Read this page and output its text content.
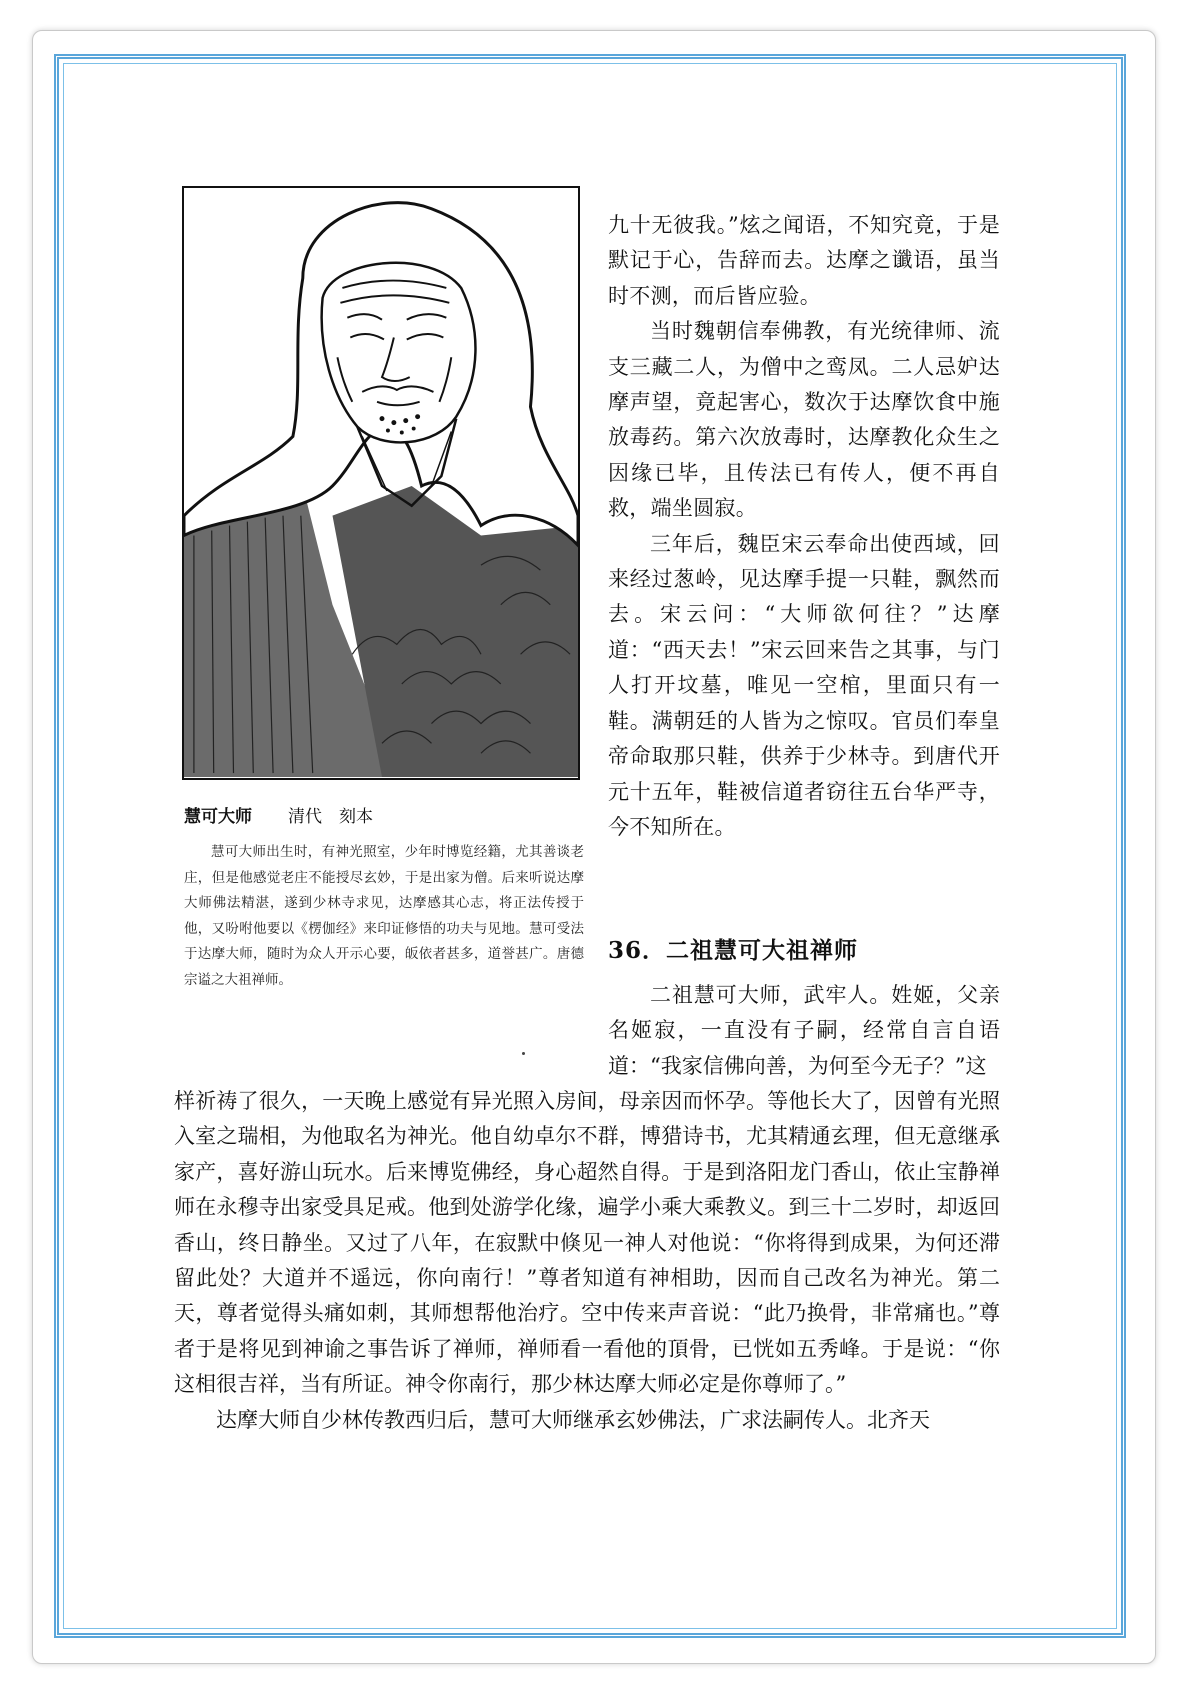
慧可大师 清代　刻本
慧可大师出生时，有神光照室，少年时博览经籍，尤其善谈老庄，但是他感觉老庄不能授尽玄妙，于是出家为僧。后来听说达摩大师佛法精湛，遂到少林寺求见，达摩感其心志，将正法传授于他，又吩咐他要以《楞伽经》来印证修悟的功夫与见地。慧可受法于达摩大师，随时为众人开示心要，皈依者甚多，道誉甚广。唐德宗谥之大祖禅师。

九十无彼我。”炫之闻语，不知究竟，于是默记于心，告辞而去。达摩之谶语，虽当时不测，而后皆应验。

当时魏朝信奉佛教，有光统律师、流支三藏二人，为僧中之鸾凤。二人忌妒达摩声望，竟起害心，数次于达摩饮食中施放毒药。第六次放毒时，达摩教化众生之因缘已毕，且传法已有传人，便不再自救，端坐圆寂。

三年后，魏臣宋云奉命出使西域，回来经过葱岭，见达摩手提一只鞋，飘然而去。宋云问：“大师欲何往？”达摩道：“西天去！”宋云回来告之其事，与门人打开坟墓，唯见一空棺，里面只有一鞋。满朝廷的人皆为之惊叹。官员们奉皇帝命取那只鞋，供养于少林寺。到唐代开元十五年，鞋被信道者窃往五台华严寺，今不知所在。

36．二祖慧可大祖禅师

二祖慧可大师，武牢人。姓姬，父亲名姬寂，一直没有子嗣，经常自言自语道：“我家信佛向善，为何至今无子？”这

样祈祷了很久，一天晚上感觉有异光照入房间，母亲因而怀孕。等他长大了，因曾有光照入室之瑞相，为他取名为神光。他自幼卓尔不群，博猎诗书，尤其精通玄理，但无意继承家产，喜好游山玩水。后来博览佛经，身心超然自得。于是到洛阳龙门香山，依止宝静禅师在永穆寺出家受具足戒。他到处游学化缘，遍学小乘大乘教义。到三十二岁时，却返回香山，终日静坐。又过了八年，在寂默中倏见一神人对他说：“你将得到成果，为何还滞留此处？大道并不遥远，你向南行！”尊者知道有神相助，因而自己改名为神光。第二天，尊者觉得头痛如刺，其师想帮他治疗。空中传来声音说：“此乃换骨，非常痛也。”尊者于是将见到神谕之事告诉了禅师，禅师看一看他的頂骨，已恍如五秀峰。于是说：“你这相很吉祥，当有所证。神令你南行，那少林达摩大师必定是你尊师了。”

达摩大师自少林传教西归后，慧可大师继承玄妙佛法，广求法嗣传人。北齐天
